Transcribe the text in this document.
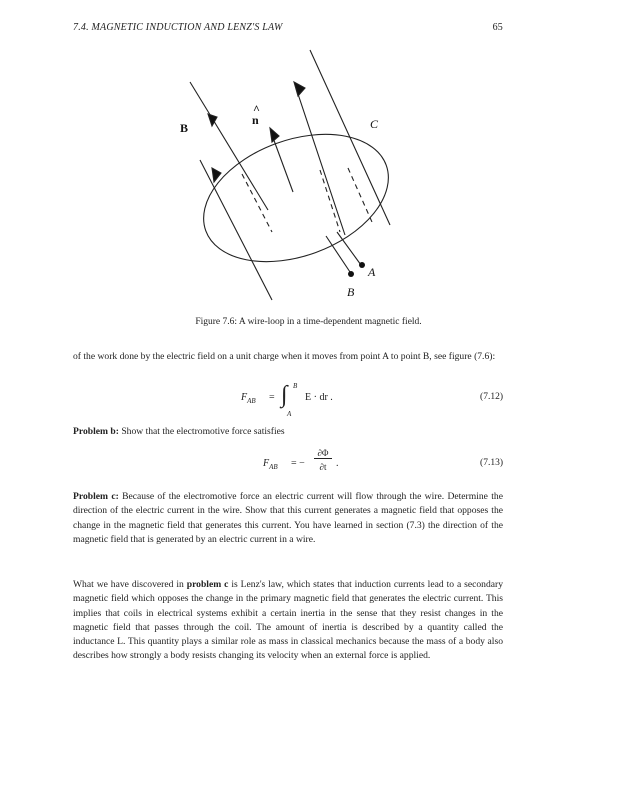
7.4. MAGNETIC INDUCTION AND LENZ'S LAW	65
B
^
n	C
A
B
Figure 7.6: A wire-loop in a time-dependent magnetic field.
of the work done by the electric field on a unit charge when it moves from point A to point B, see figure (7.6):
$F_{AB}$ = ∫ B
A
E · dr .	(7.12)
Problem b: Show that the electromotive force satisfies
$F_{AB}$ = −
∂Φ
∂t .	(7.13)
Problem c: Because of the electromotive force an electric current will flow through the wire. Determine the direction of the electric current in the wire. Show that this current generates a magnetic field that opposes the change in the magnetic field that generates this current. You have learned in section (7.3) the direction of the magnetic field that is generated by an electric current in a wire.
What we have discovered in problem c is Lenz's law, which states that induction currents lead to a secondary magnetic field which opposes the change in the primary magnetic field that generates the electric current. This implies that coils in electrical systems exhibit a certain inertia in the sense that they resist changes in the magnetic field that passes through the coil. The amount of inertia is described by a quantity called the inductance L. This quantity plays a similar role as mass in classical mechanics because the mass of a body also describes how strongly a body resists changing its velocity when an external force is applied.
